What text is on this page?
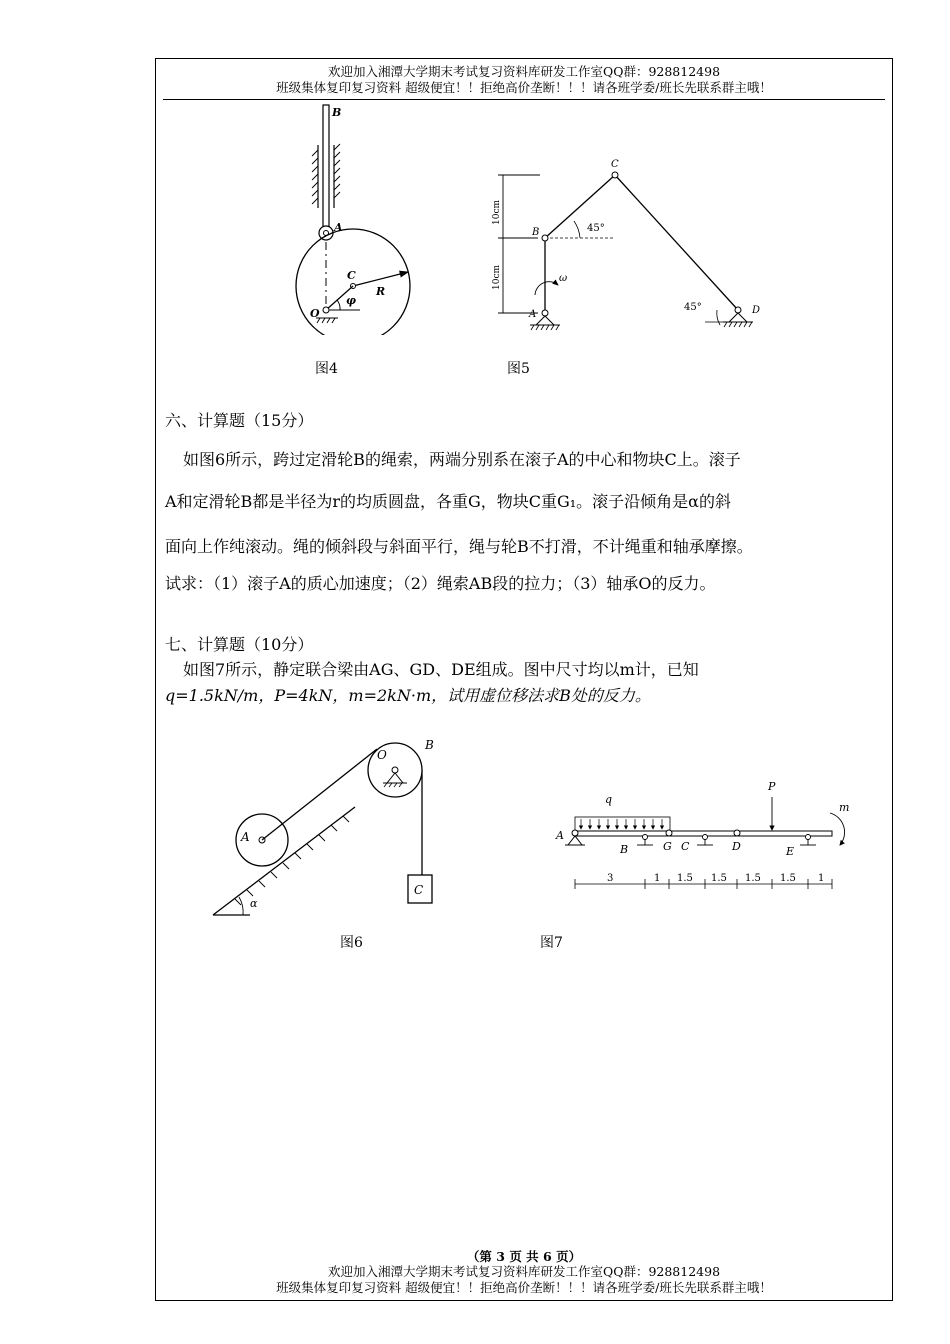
欢迎加入湘潭大学期末考试复习资料库研发工作室QQ群：928812498
班级集体复印复习资料 超级便宜！！拒绝高价垄断！！！请各班学委/班长先联系群主哦！
B
A
C
O
φ
R
图4
10cm
10cm
A
B
C
D
ω
45°
45°
图5
六、计算题（15分）
如图6所示，跨过定滑轮B的绳索，两端分别系在滚子A的中心和物块C上。滚子
A和定滑轮B都是半径为r的均质圆盘，各重G，物块C重G₁。滚子沿倾角是α的斜
面向上作纯滚动。绳的倾斜段与斜面平行，绳与轮B不打滑，不计绳重和轴承摩擦。
试求：（1）滚子A的质心加速度；（2）绳索AB段的拉力；（3）轴承O的反力。
七、计算题（10分）
如图7所示，静定联合梁由AG、GD、DE组成。图中尺寸均以m计，已知
q=1.5kN/m，P=4kN，m=2kN·m，试用虚位移法求B处的反力。
A
O
B
C
α
图6
3	1 1.5 1.5 1.5 1.5 1
q
P
m
A
B	G C	D	E
图7
（第 3 页 共 6 页）
欢迎加入湘潭大学期末考试复习资料库研发工作室QQ群：928812498
班级集体复印复习资料 超级便宜！！拒绝高价垄断！！！请各班学委/班长先联系群主哦！
